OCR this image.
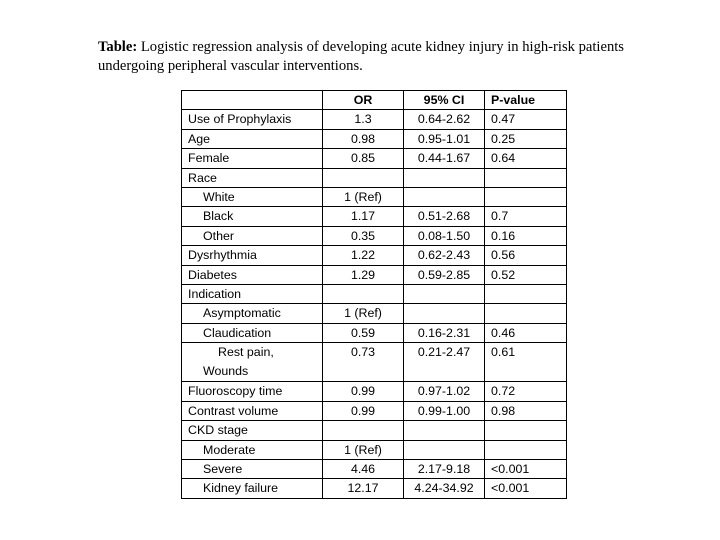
Table: Logistic regression analysis of developing acute kidney injury in high-risk patients undergoing peripheral vascular interventions.
	OR	95% CI	P-value
Use of Prophylaxis	1.3	0.64-2.62	0.47
Age	0.98	0.95-1.01	0.25
Female	0.85	0.44-1.67	0.64
Race			
White	1 (Ref)		
Black	1.17	0.51-2.68	0.7
Other	0.35	0.08-1.50	0.16
Dysrhythmia	1.22	0.62-2.43	0.56
Diabetes	1.29	0.59-2.85	0.52
Indication			
Asymptomatic	1 (Ref)		
Claudication	0.59	0.16-2.31	0.46
Rest pain,
Wounds	0.73	0.21-2.47	0.61
Fluoroscopy time	0.99	0.97-1.02	0.72
Contrast volume	0.99	0.99-1.00	0.98
CKD stage			
Moderate	1 (Ref)		
Severe	4.46	2.17-9.18	<0.001
Kidney failure	12.17	4.24-34.92	<0.001
